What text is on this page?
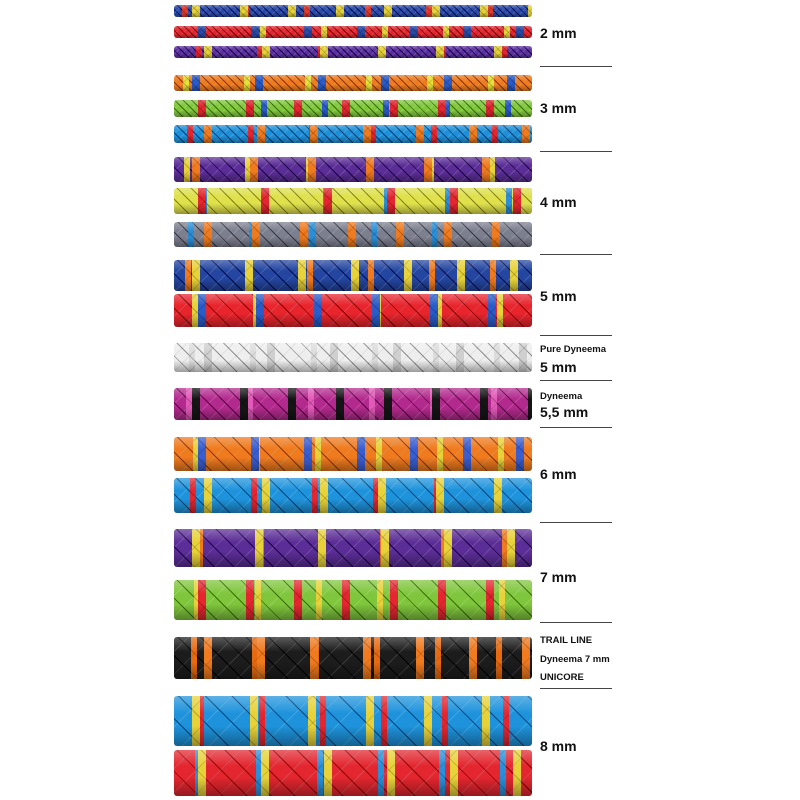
2 mm
3 mm
4 mm
5 mm
Pure Dyneema
5 mm
Dyneema
5,5 mm
6 mm
7 mm
TRAIL LINE
Dyneema 7 mm
UNICORE
8 mm
